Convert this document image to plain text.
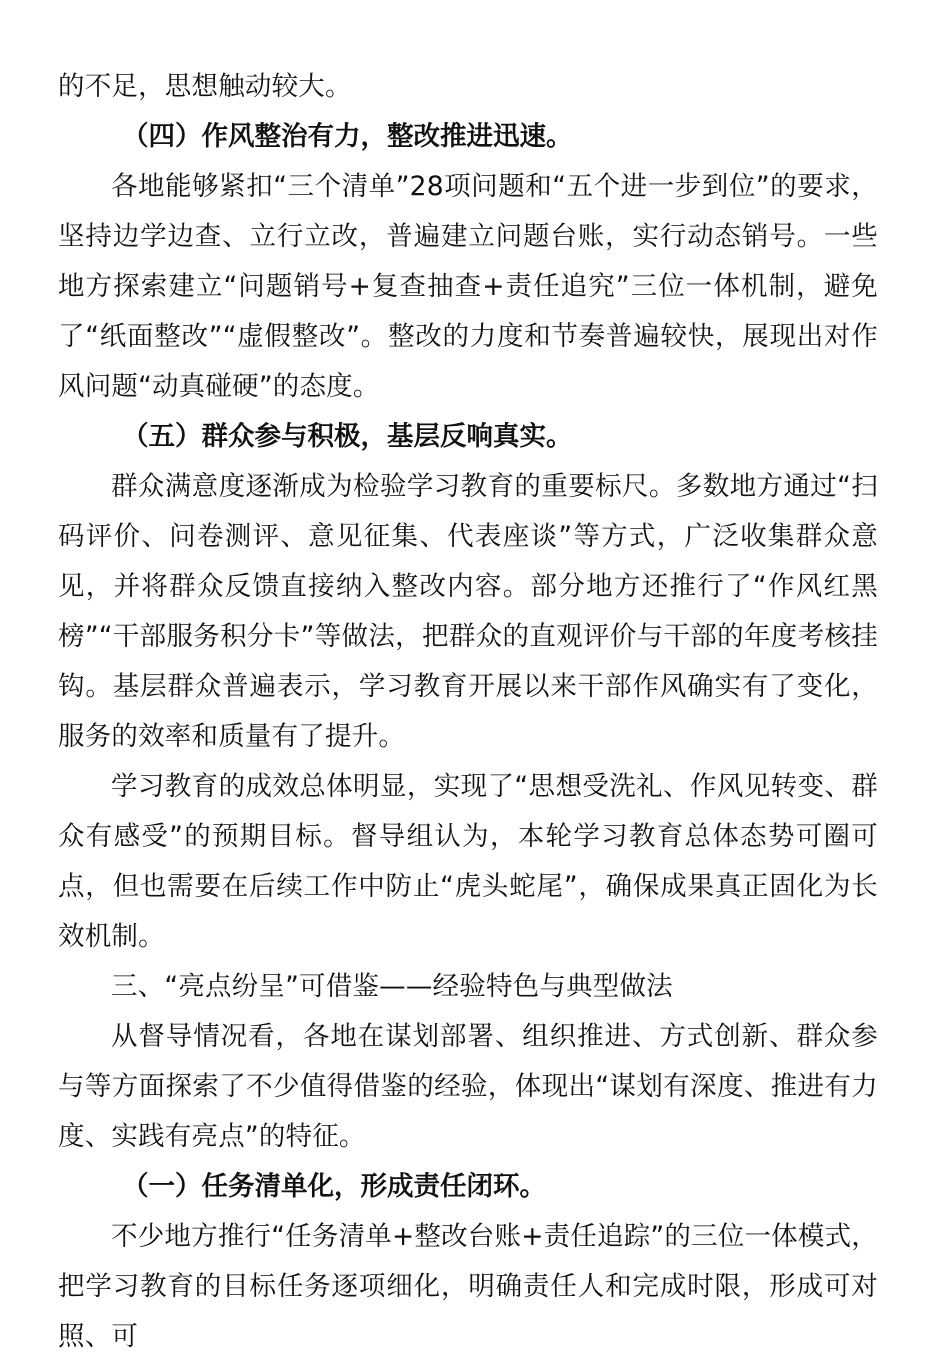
的不足，思想触动较大。

（四）作风整治有力，整改推进迅速。

各地能够紧扣“三个清单”28项问题和“五个进一步到位”的要求，坚持边学边查、立行立改，普遍建立问题台账，实行动态销号。一些地方探索建立“问题销号+复查抽查+责任追究”三位一体机制，避免了“纸面整改”“虚假整改”。整改的力度和节奏普遍较快，展现出对作风问题“动真碰硬”的态度。

（五）群众参与积极，基层反响真实。

群众满意度逐渐成为检验学习教育的重要标尺。多数地方通过“扫码评价、问卷测评、意见征集、代表座谈”等方式，广泛收集群众意见，并将群众反馈直接纳入整改内容。部分地方还推行了“作风红黑榜”“干部服务积分卡”等做法，把群众的直观评价与干部的年度考核挂钩。基层群众普遍表示，学习教育开展以来干部作风确实有了变化，服务的效率和质量有了提升。

学习教育的成效总体明显，实现了“思想受洗礼、作风见转变、群众有感受”的预期目标。督导组认为，本轮学习教育总体态势可圈可点，但也需要在后续工作中防止“虎头蛇尾”，确保成果真正固化为长效机制。

三、“亮点纷呈”可借鉴——经验特色与典型做法

从督导情况看，各地在谋划部署、组织推进、方式创新、群众参与等方面探索了不少值得借鉴的经验，体现出“谋划有深度、推进有力度、实践有亮点”的特征。

（一）任务清单化，形成责任闭环。

不少地方推行“任务清单+整改台账+责任追踪”的三位一体模式，把学习教育的目标任务逐项细化，明确责任人和完成时限，形成可对照、可
